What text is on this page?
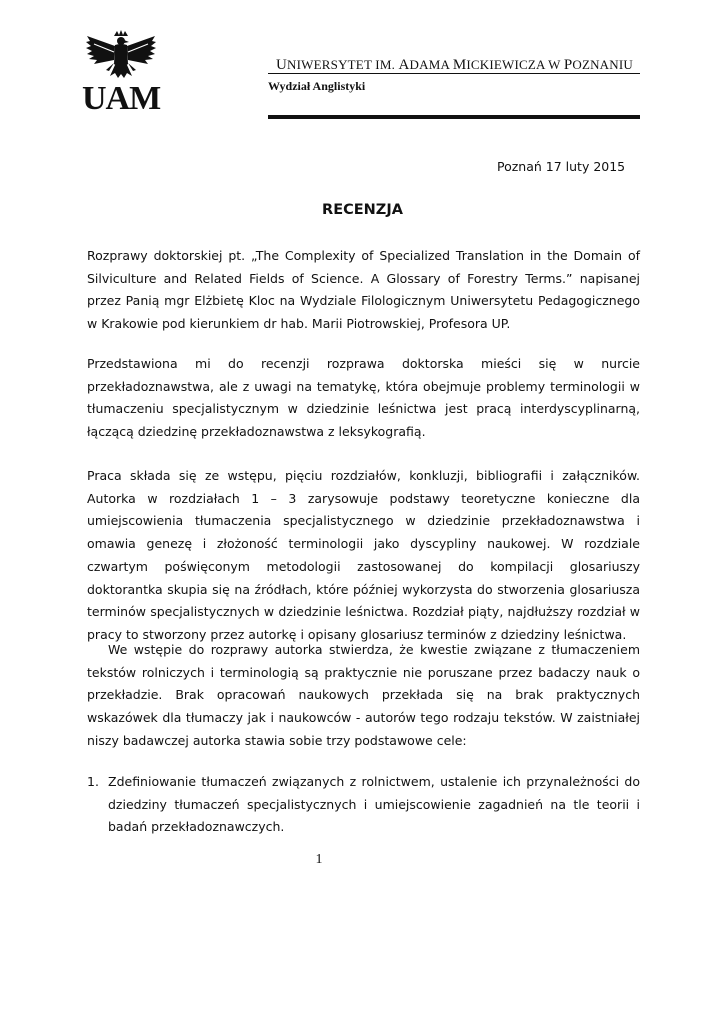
UAM
UNIWERSYTET IM. ADAMA MICKIEWICZA W POZNANIU
Wydział Anglistyki
Poznań 17 luty 2015
RECENZJA
Rozprawy doktorskiej pt. „The Complexity of Specialized Translation in the Domain of Silviculture and Related Fields of Science. A Glossary of Forestry Terms.” napisanej przez Panią mgr Elżbietę Kloc na Wydziale Filologicznym Uniwersytetu Pedagogicznego w Krakowie pod kierunkiem dr hab. Marii Piotrowskiej, Profesora UP.
Przedstawiona mi do recenzji rozprawa doktorska mieści się w nurcie przekładoznawstwa, ale z uwagi na tematykę, która obejmuje problemy terminologii w tłumaczeniu specjalistycznym w dziedzinie leśnictwa jest pracą interdyscyplinarną, łączącą dziedzinę przekładoznawstwa z leksykografią.
Praca składa się ze wstępu, pięciu rozdziałów, konkluzji, bibliografii i załączników. Autorka w rozdziałach 1 – 3 zarysowuje podstawy teoretyczne konieczne dla umiejscowienia tłumaczenia specjalistycznego w dziedzinie przekładoznawstwa i omawia genezę i złożoność terminologii jako dyscypliny naukowej. W rozdziale czwartym poświęconym metodologii zastosowanej do kompilacji glosariuszy doktorantka skupia się na źródłach, które później wykorzysta do stworzenia glosariusza terminów specjalistycznych w dziedzinie leśnictwa. Rozdział piąty, najdłuższy rozdział w pracy to stworzony przez autorkę i opisany glosariusz terminów z dziedziny leśnictwa.
We wstępie do rozprawy autorka stwierdza, że kwestie związane z tłumaczeniem tekstów rolniczych i terminologią są praktycznie nie poruszane przez badaczy nauk o przekładzie. Brak opracowań naukowych przekłada się na brak praktycznych wskazówek dla tłumaczy jak i naukowców - autorów tego rodzaju tekstów. W zaistniałej niszy badawczej autorka stawia sobie trzy podstawowe cele:
1. Zdefiniowanie tłumaczeń związanych z rolnictwem, ustalenie ich przynależności do dziedziny tłumaczeń specjalistycznych i umiejscowienie zagadnień na tle teorii i badań przekładoznawczych.
1
